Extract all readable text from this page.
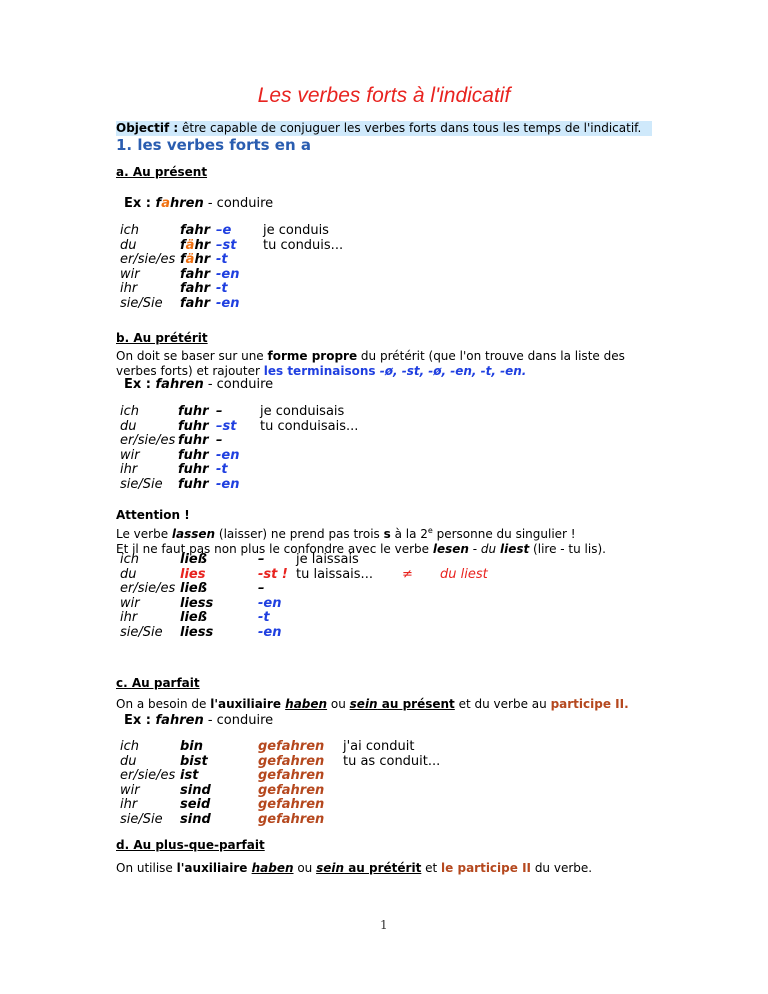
Les verbes forts à l'indicatif
Objectif : être capable de conjuguer les verbes forts dans tous les temps de l'indicatif.
1. les verbes forts en a
a. Au présent
Ex : fahren - conduire
ich	fahr –e je conduis
du	fähr –st tu conduis...
er/sie/es fähr -t
wir	fahr -en
ihr	fahr -t
sie/Sie fahr -en
b. Au prétérit
On doit se baser sur une forme propre du prétérit (que l'on trouve dans la liste des verbes forts) et rajouter les terminaisons -ø, -st, -ø, -en, -t, -en.
Ex : fahren - conduire
ich	fuhr –	je conduisais
du	fuhr –st tu conduisais...
er/sie/es fuhr –
wir	fuhr -en
ihr	fuhr -t
sie/Sie fuhr -en
Attention !
Le verbe lassen (laisser) ne prend pas trois s à la 2e personne du singulier !
Et il ne faut pas non plus le confondre avec le verbe lesen - du liest (lire - tu lis).
ich	ließ	– je laissais
du	lies	-st ! tu laissais... ≠ du liest
er/sie/es ließ	–
wir	liess	-en
ihr	ließ	-t
sie/Sie liess	-en
c. Au parfait
On a besoin de l'auxiliaire haben ou sein au présent et du verbe au participe II.
Ex : fahren - conduire
ich	bin	gefahren j'ai conduit
du	bist	gefahren tu as conduit...
er/sie/es ist	gefahren
wir	sind	gefahren
ihr	seid	gefahren
sie/Sie sind	gefahren
d. Au plus-que-parfait
On utilise l'auxiliaire haben ou sein au prétérit et le participe II du verbe.
1
